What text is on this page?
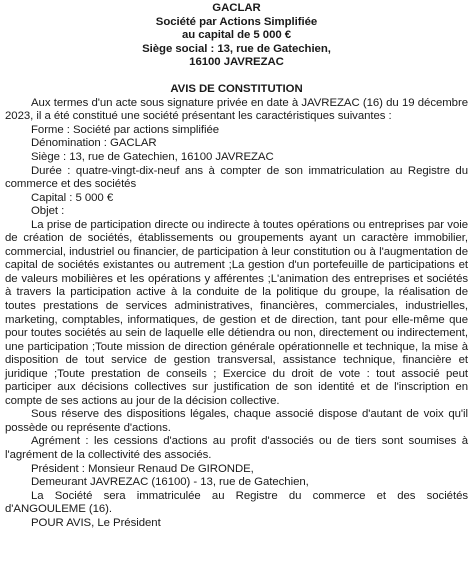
GACLAR
Société par Actions Simplifiée
au capital de 5 000 €
Siège social : 13, rue de Gatechien,
16100 JAVREZAC
AVIS DE CONSTITUTION

Aux termes d'un acte sous signature privée en date à JAVREZAC (16) du 19 décembre 2023, il a été constitué une société présentant les caractéristiques suivantes :

Forme : Société par actions simplifiée

Dénomination : GACLAR

Siège : 13, rue de Gatechien, 16100 JAVREZAC

Durée : quatre-vingt-dix-neuf ans à compter de son immatriculation au Registre du commerce et des sociétés

Capital : 5 000 €

Objet :

La prise de participation directe ou indirecte à toutes opérations ou entreprises par voie de création de sociétés, établissements ou groupements ayant un caractère immobilier, commercial, industriel ou financier, de participation à leur constitution ou à l'augmentation de capital de sociétés existantes ou autrement ;La gestion d'un portefeuille de participations et de valeurs mobilières et les opérations y afférentes ;L'animation des entreprises et sociétés à travers la participation active à la conduite de la politique du groupe, la réalisation de toutes prestations de services administratives, financières, commerciales, industrielles, marketing, comptables, informatiques, de gestion et de direction, tant pour elle-même que pour toutes sociétés au sein de laquelle elle détiendra ou non, directement ou indirectement, une participation ;Toute mission de direction générale opérationnelle et technique, la mise à disposition de tout service de gestion transversal, assistance technique, financière et juridique ;Toute prestation de conseils ; Exercice du droit de vote : tout associé peut participer aux décisions collectives sur justification de son identité et de l'inscription en compte de ses actions au jour de la décision collective.

Sous réserve des dispositions légales, chaque associé dispose d'autant de voix qu'il possède ou représente d'actions.

Agrément : les cessions d'actions au profit d'associés ou de tiers sont soumises à l'agrément de la collectivité des associés.

Président : Monsieur Renaud De GIRONDE,

Demeurant JAVREZAC (16100) - 13, rue de Gatechien,

La Société sera immatriculée au Registre du commerce et des sociétés d'ANGOULEME (16).

POUR AVIS, Le Président
